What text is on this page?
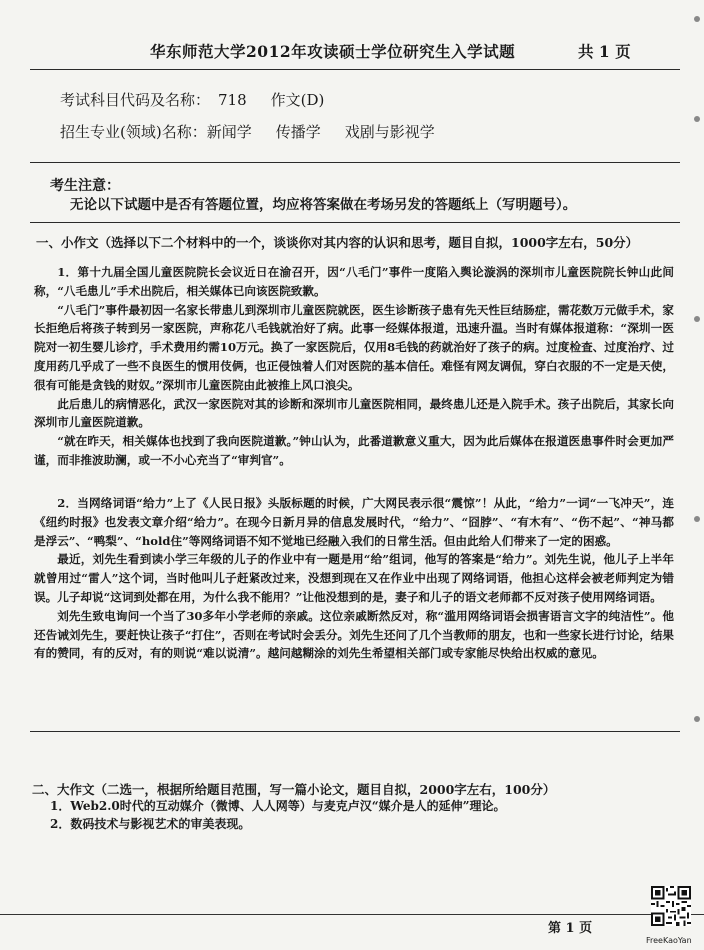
华东师范大学2012年攻读硕士学位研究生入学试题	共 1 页
考试科目代码及名称： 718 作文(D)
招生专业(领域)名称：新闻学 传播学 戏剧与影视学
考生注意：
无论以下试题中是否有答题位置，均应将答案做在考场另发的答题纸上（写明题号）。
一、小作文（选择以下二个材料中的一个，谈谈你对其内容的认识和思考，题目自拟，1000字左右，50分）

1．第十九届全国儿童医院院长会议近日在渝召开，因“八毛门”事件一度陷入舆论漩涡的深圳市儿童医院院长钟山此间称，“八毛患儿”手术出院后，相关媒体已向该医院致歉。

“八毛门”事件最初因一名家长带患儿到深圳市儿童医院就医，医生诊断孩子患有先天性巨结肠症，需花数万元做手术，家长拒绝后将孩子转到另一家医院，声称花八毛钱就治好了病。此事一经媒体报道，迅速升温。当时有媒体报道称：“深圳一医院对一初生婴儿诊疗，手术费用约需10万元。换了一家医院后，仅用8毛钱的药就治好了孩子的病。过度检查、过度治疗、过度用药几乎成了一些不良医生的惯用伎俩，也正侵蚀着人们对医院的基本信任。难怪有网友调侃，穿白衣服的不一定是天使，很有可能是贪钱的财奴。”深圳市儿童医院由此被推上风口浪尖。

此后患儿的病情恶化，武汉一家医院对其的诊断和深圳市儿童医院相同，最终患儿还是入院手术。孩子出院后，其家长向深圳市儿童医院道歉。

“就在昨天，相关媒体也找到了我向医院道歉。”钟山认为，此番道歉意义重大，因为此后媒体在报道医患事件时会更加严谨，而非推波助澜，或一不小心充当了“审判官”。

2．当网络词语“给力”上了《人民日报》头版标题的时候，广大网民表示很“震惊”！从此，“给力”一词“一飞冲天”，连《纽约时报》也发表文章介绍“给力”。在现今日新月异的信息发展时代，“给力”、“囧脖”、“有木有”、“伤不起”、“神马都是浮云”、“鸭梨”、“hold住”等网络词语不知不觉地已经融入我们的日常生活。但由此给人们带来了一定的困惑。

最近，刘先生看到读小学三年级的儿子的作业中有一题是用“给”组词，他写的答案是“给力”。刘先生说，他儿子上半年就曾用过“雷人”这个词，当时他叫儿子赶紧改过来，没想到现在又在作业中出现了网络词语，他担心这样会被老师判定为错误。儿子却说“这词到处都在用，为什么我不能用？”让他没想到的是，妻子和儿子的语文老师都不反对孩子使用网络词语。

刘先生致电询问一个当了30多年小学老师的亲戚。这位亲戚断然反对，称“滥用网络词语会损害语言文字的纯洁性”。他还告诫刘先生，要赶快让孩子“打住”，否则在考试时会丢分。刘先生还问了几个当教师的朋友，也和一些家长进行讨论，结果有的赞同，有的反对，有的则说“难以说清”。越问越糊涂的刘先生希望相关部门或专家能尽快给出权威的意见。

二、大作文（二选一，根据所给题目范围，写一篇小论文，题目自拟，2000字左右，100分）
1．Web2.0时代的互动媒介（微博、人人网等）与麦克卢汉“媒介是人的延伸”理论。
2．数码技术与影视艺术的审美表现。
第 1 页
FreeKaoYan
